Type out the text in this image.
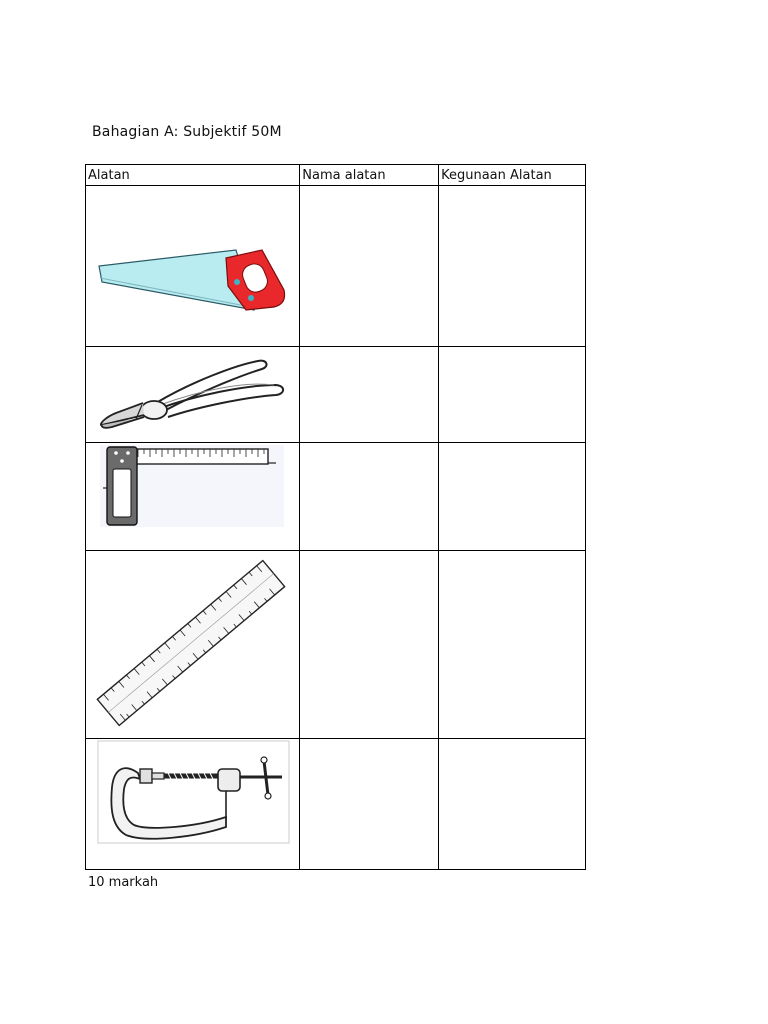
Bahagian A: Subjektif 50M
Alatan	Nama alatan	Kegunaan Alatan

10 markah
